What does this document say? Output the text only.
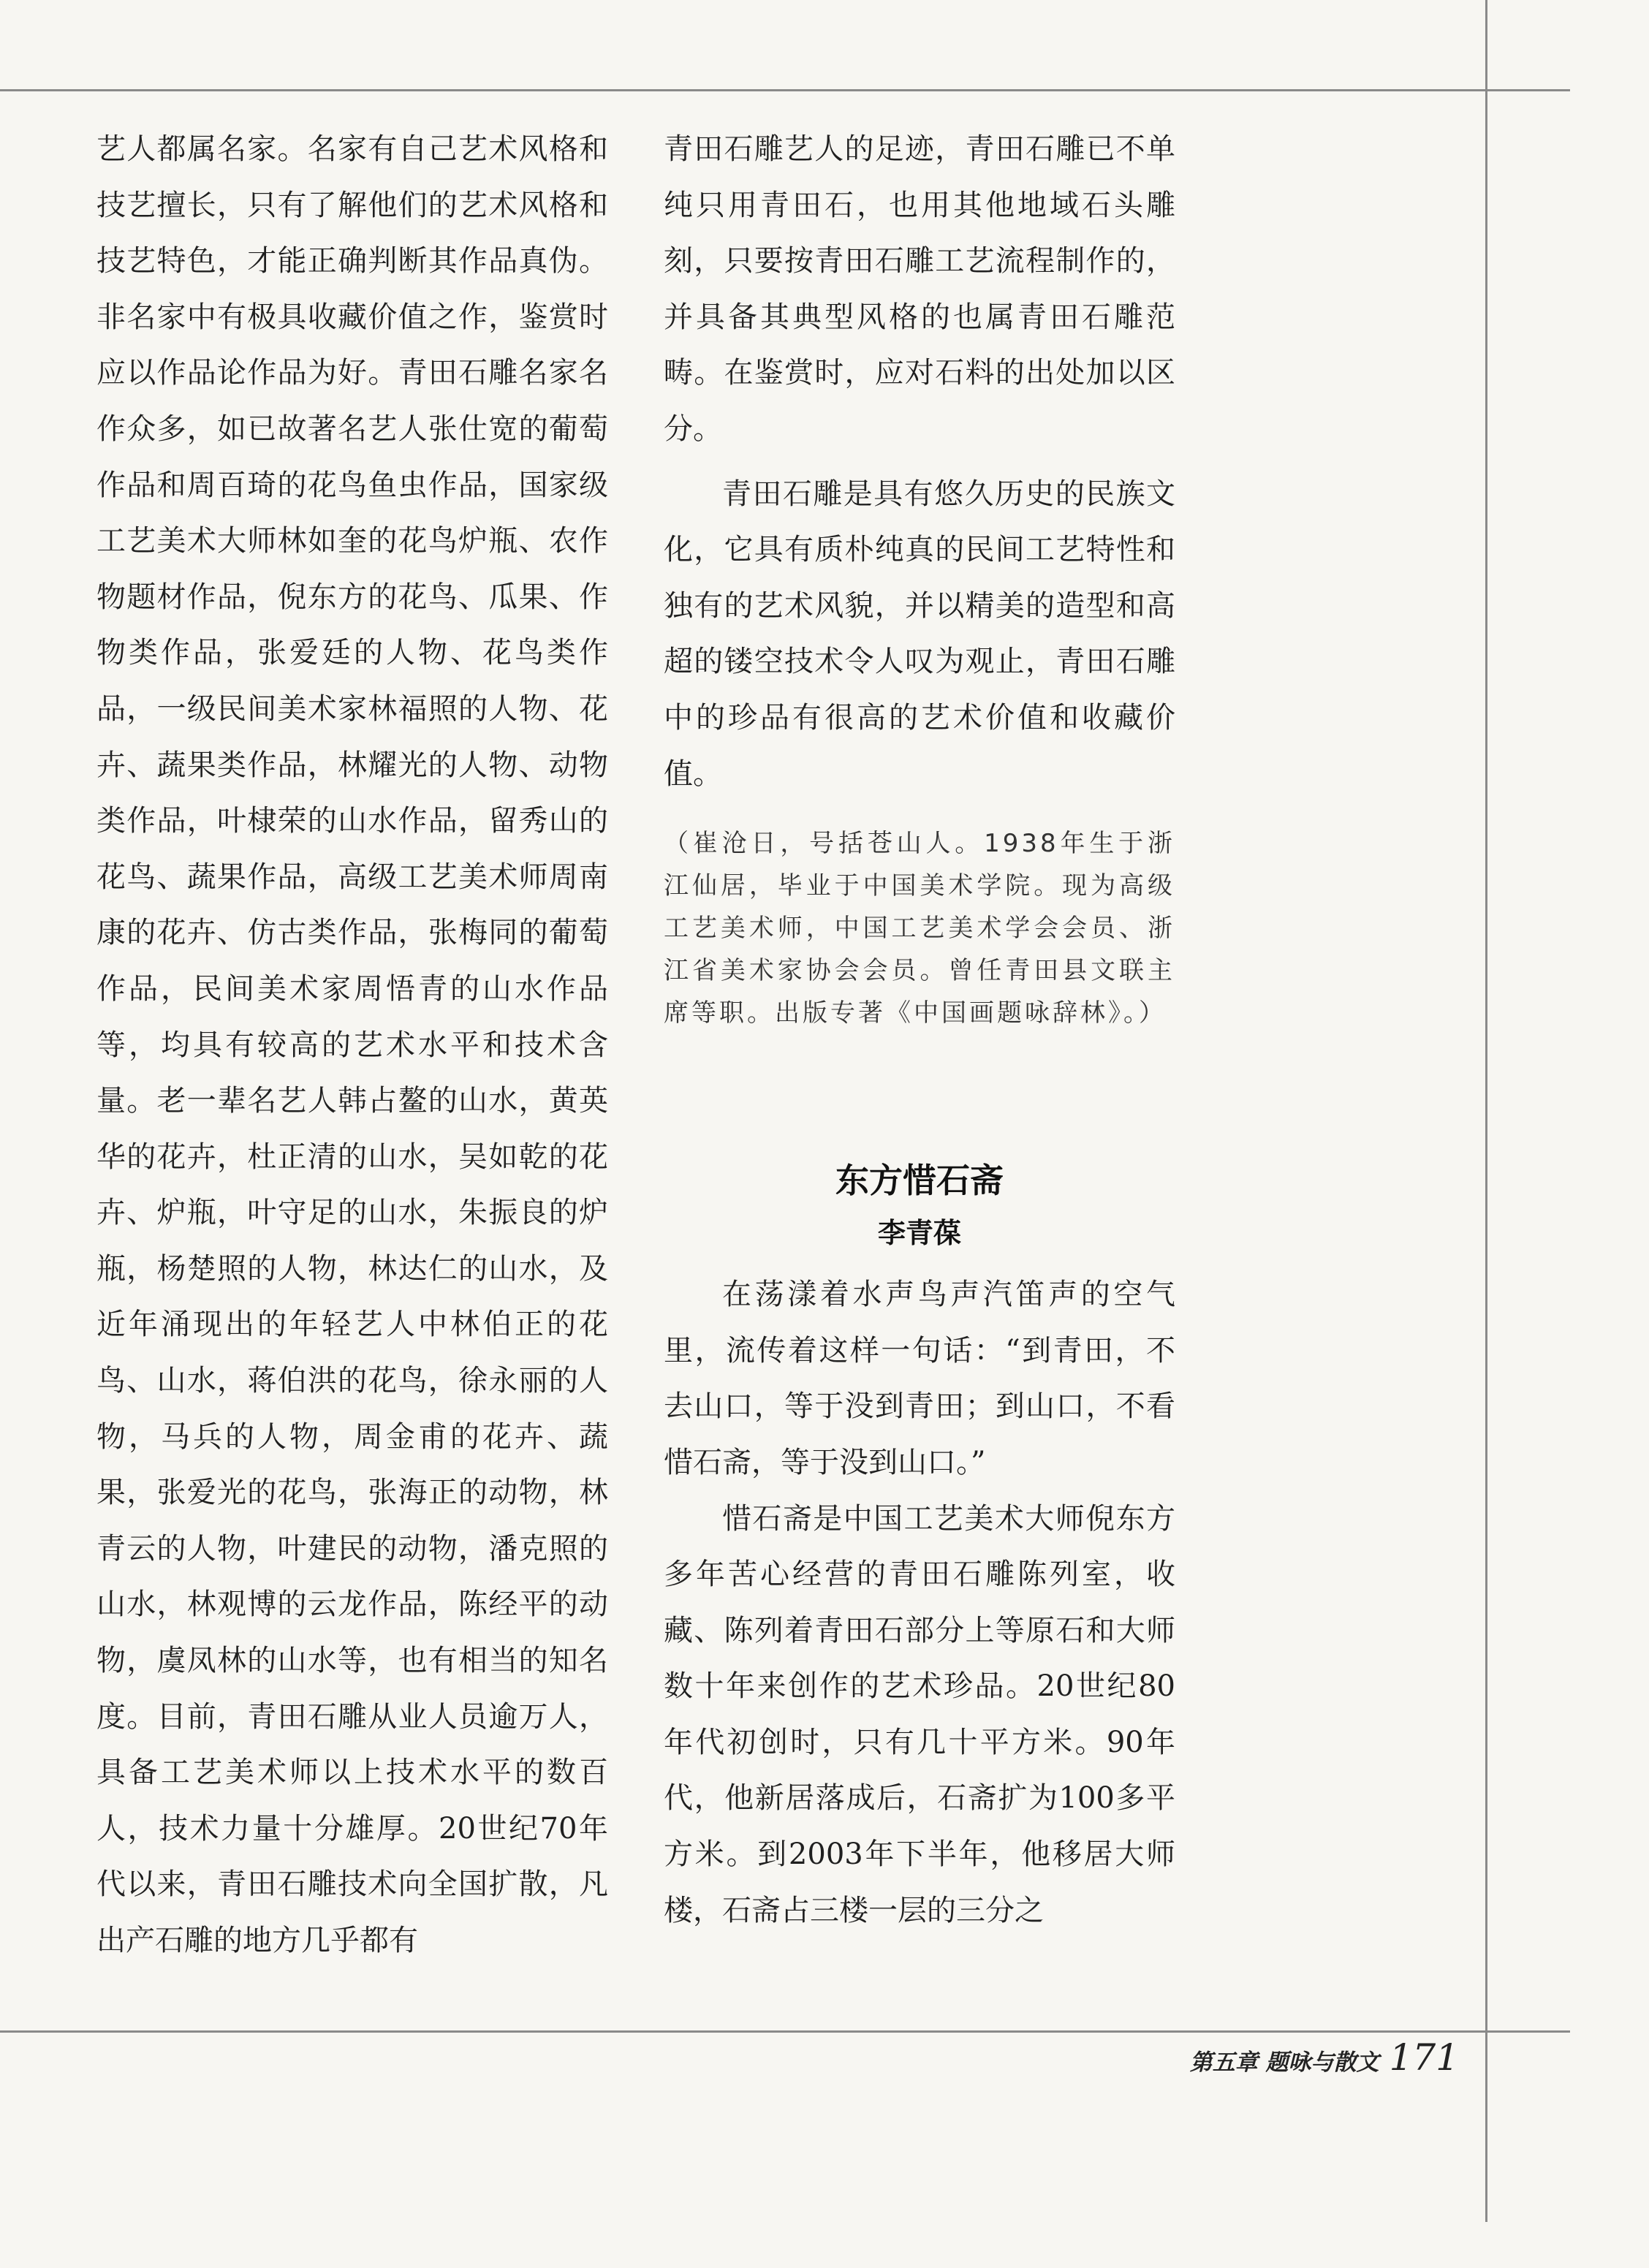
艺人都属名家。名家有自己艺术风格和技艺擅长，只有了解他们的艺术风格和技艺特色，才能正确判断其作品真伪。非名家中有极具收藏价值之作，鉴赏时应以作品论作品为好。青田石雕名家名作众多，如已故著名艺人张仕宽的葡萄作品和周百琦的花鸟鱼虫作品，国家级工艺美术大师林如奎的花鸟炉瓶、农作物题材作品，倪东方的花鸟、瓜果、作物类作品，张爱廷的人物、花鸟类作品，一级民间美术家林福照的人物、花卉、蔬果类作品，林耀光的人物、动物类作品，叶棣荣的山水作品，留秀山的花鸟、蔬果作品，高级工艺美术师周南康的花卉、仿古类作品，张梅同的葡萄作品，民间美术家周悟青的山水作品等，均具有较高的艺术水平和技术含量。老一辈名艺人韩占鳌的山水，黄英华的花卉，杜正清的山水，吴如乾的花卉、炉瓶，叶守足的山水，朱振良的炉瓶，杨楚照的人物，林达仁的山水，及近年涌现出的年轻艺人中林伯正的花鸟、山水，蒋伯洪的花鸟，徐永丽的人物，马兵的人物，周金甫的花卉、蔬果，张爱光的花鸟，张海正的动物，林青云的人物，叶建民的动物，潘克照的山水，林观博的云龙作品，陈经平的动物，虞凤林的山水等，也有相当的知名度。目前，青田石雕从业人员逾万人，具备工艺美术师以上技术水平的数百人，技术力量十分雄厚。20世纪70年代以来，青田石雕技术向全国扩散，凡出产石雕的地方几乎都有

青田石雕艺人的足迹，青田石雕已不单纯只用青田石，也用其他地域石头雕刻，只要按青田石雕工艺流程制作的，并具备其典型风格的也属青田石雕范畴。在鉴赏时，应对石料的出处加以区分。

青田石雕是具有悠久历史的民族文化，它具有质朴纯真的民间工艺特性和独有的艺术风貌，并以精美的造型和高超的镂空技术令人叹为观止，青田石雕中的珍品有很高的艺术价值和收藏价值。

（崔沧日，号括苍山人。1938年生于浙江仙居，毕业于中国美术学院。现为高级工艺美术师，中国工艺美术学会会员、浙江省美术家协会会员。曾任青田县文联主席等职。出版专著《中国画题咏辞林》。）

东方惜石斋
李青葆

在荡漾着水声鸟声汽笛声的空气里，流传着这样一句话：“到青田，不去山口，等于没到青田；到山口，不看惜石斋，等于没到山口。”

惜石斋是中国工艺美术大师倪东方多年苦心经营的青田石雕陈列室，收藏、陈列着青田石部分上等原石和大师数十年来创作的艺术珍品。20世纪80年代初创时，只有几十平方米。90年代，他新居落成后，石斋扩为100多平方米。到2003年下半年，他移居大师楼，石斋占三楼一层的三分之

第五章 题咏与散文 171
